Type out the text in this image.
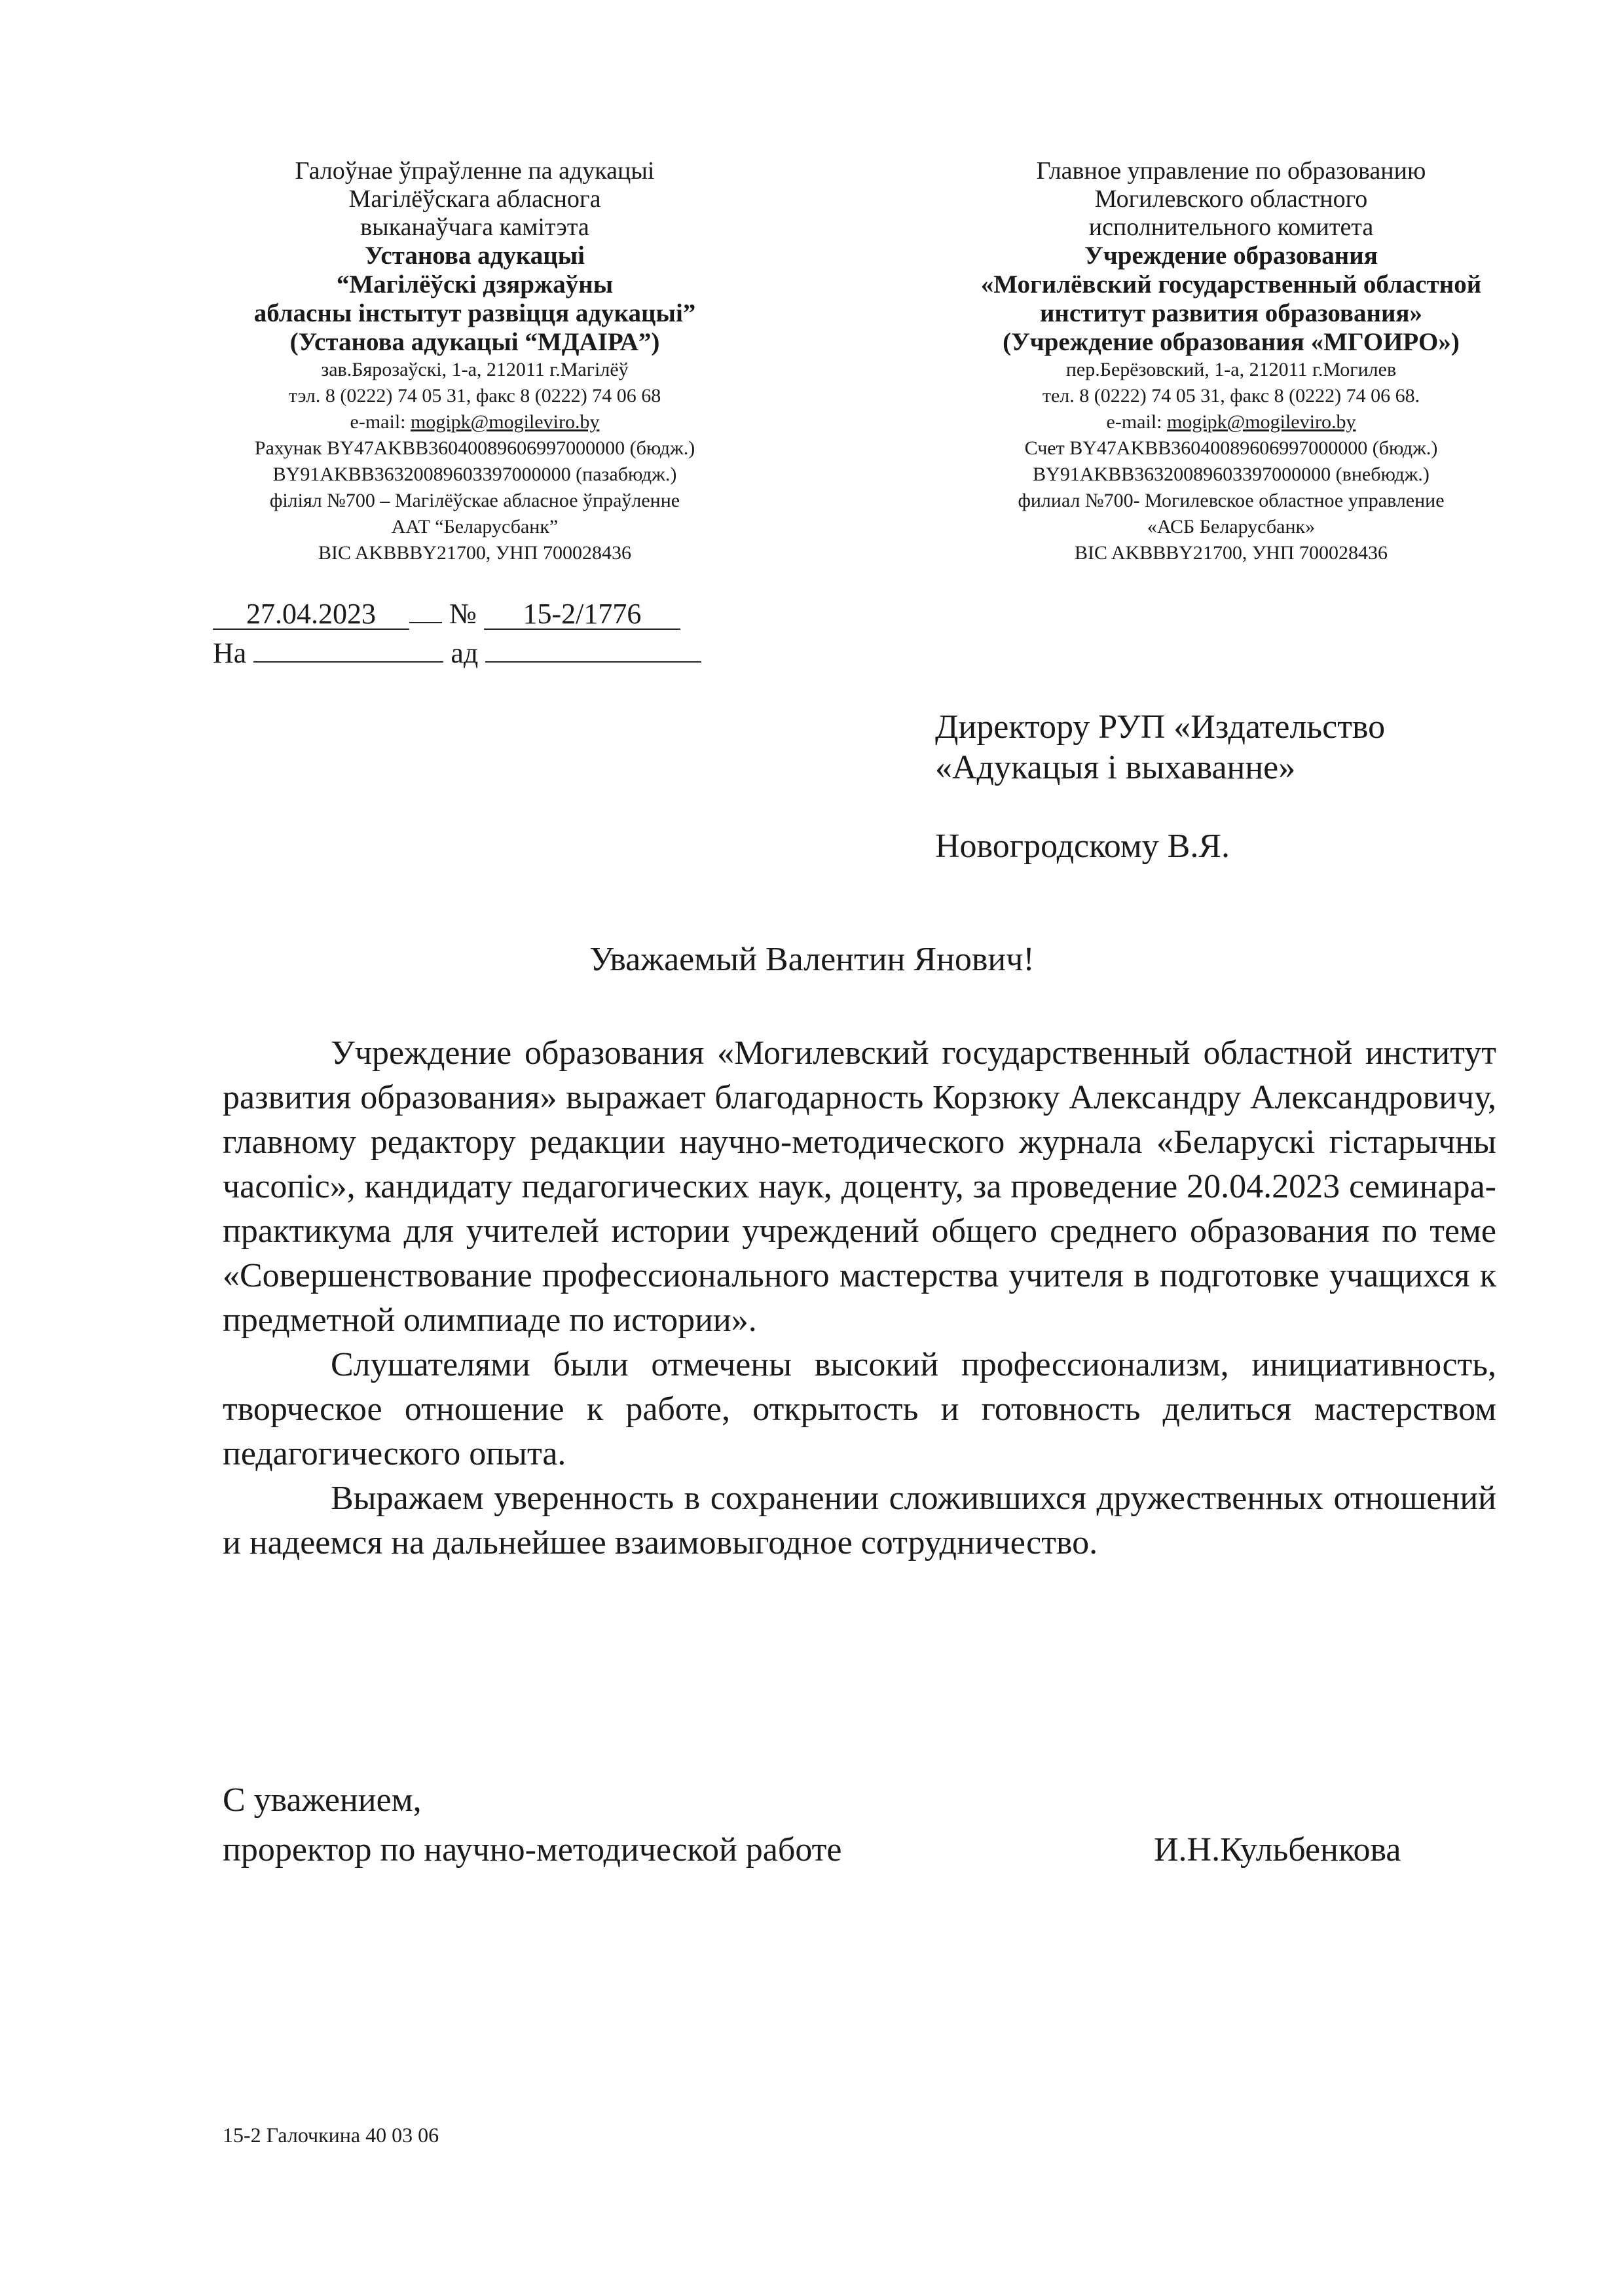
Галоўнае ўпраўленне па адукацыі
Магілёўскага абласнога
выканаўчага камітэта
Установа адукацыі
“Магілёўскі дзяржаўны
абласны інстытут развіцця адукацыі”
(Установа адукацыі “МДАІРА”)
зав.Бярозаўскі, 1-а, 212011 г.Магілёў
тэл. 8 (0222) 74 05 31, факс 8 (0222) 74 06 68
e-mail: mogipk@mogileviro.by
Рахунак BY47AKBB36040089606997000000 (бюдж.)
BY91AKBB36320089603397000000 (пазабюдж.)
філіял №700 – Магілёўскае абласное ўпраўленне
ААТ “Беларусбанк”
BIC AKBBBY21700, УНП 700028436
Главное управление по образованию
Могилевского областного
исполнительного комитета
Учреждение образования
«Могилёвский государственный областной
институт развития образования»
(Учреждение образования «МГОИРО»)
пер.Берёзовский, 1-а, 212011 г.Могилев
тел. 8 (0222) 74 05 31, факс 8 (0222) 74 06 68.
e-mail: mogipk@mogileviro.by
Счет BY47AKBB36040089606997000000 (бюдж.)
BY91AKBB36320089603397000000 (внебюдж.)
филиал №700- Могилевское областное управление
«АСБ Беларусбанк»
BIC AKBBBY21700, УНП 700028436
27.04.2023	№ 15-2/1776
На	ад
Директору РУП «Издательство
«Адукацыя і выхаванне»
Новогродскому В.Я.
Уважаемый Валентин Янович!

Учреждение образования «Могилевский государственный областной институт развития образования» выражает благодарность Корзюку Александру Александровичу, главному редактору редакции научно-методического журнала «Беларускі гістарычны часопіс», кандидату педагогических наук, доценту, за проведение 20.04.2023 семинара-практикума для учителей истории учреждений общего среднего образования по теме «Совершенствование профессионального мастерства учителя в подготовке учащихся к предметной олимпиаде по истории».

Слушателями были отмечены высокий профессионализм, инициативность, творческое отношение к работе, открытость и готовность делиться мастерством педагогического опыта.

Выражаем уверенность в сохранении сложившихся дружественных отношений и надеемся на дальнейшее взаимовыгодное сотрудничество.

С уважением,
проректор по научно-методической работе	И.Н.Кульбенкова
15-2 Галочкина 40 03 06
